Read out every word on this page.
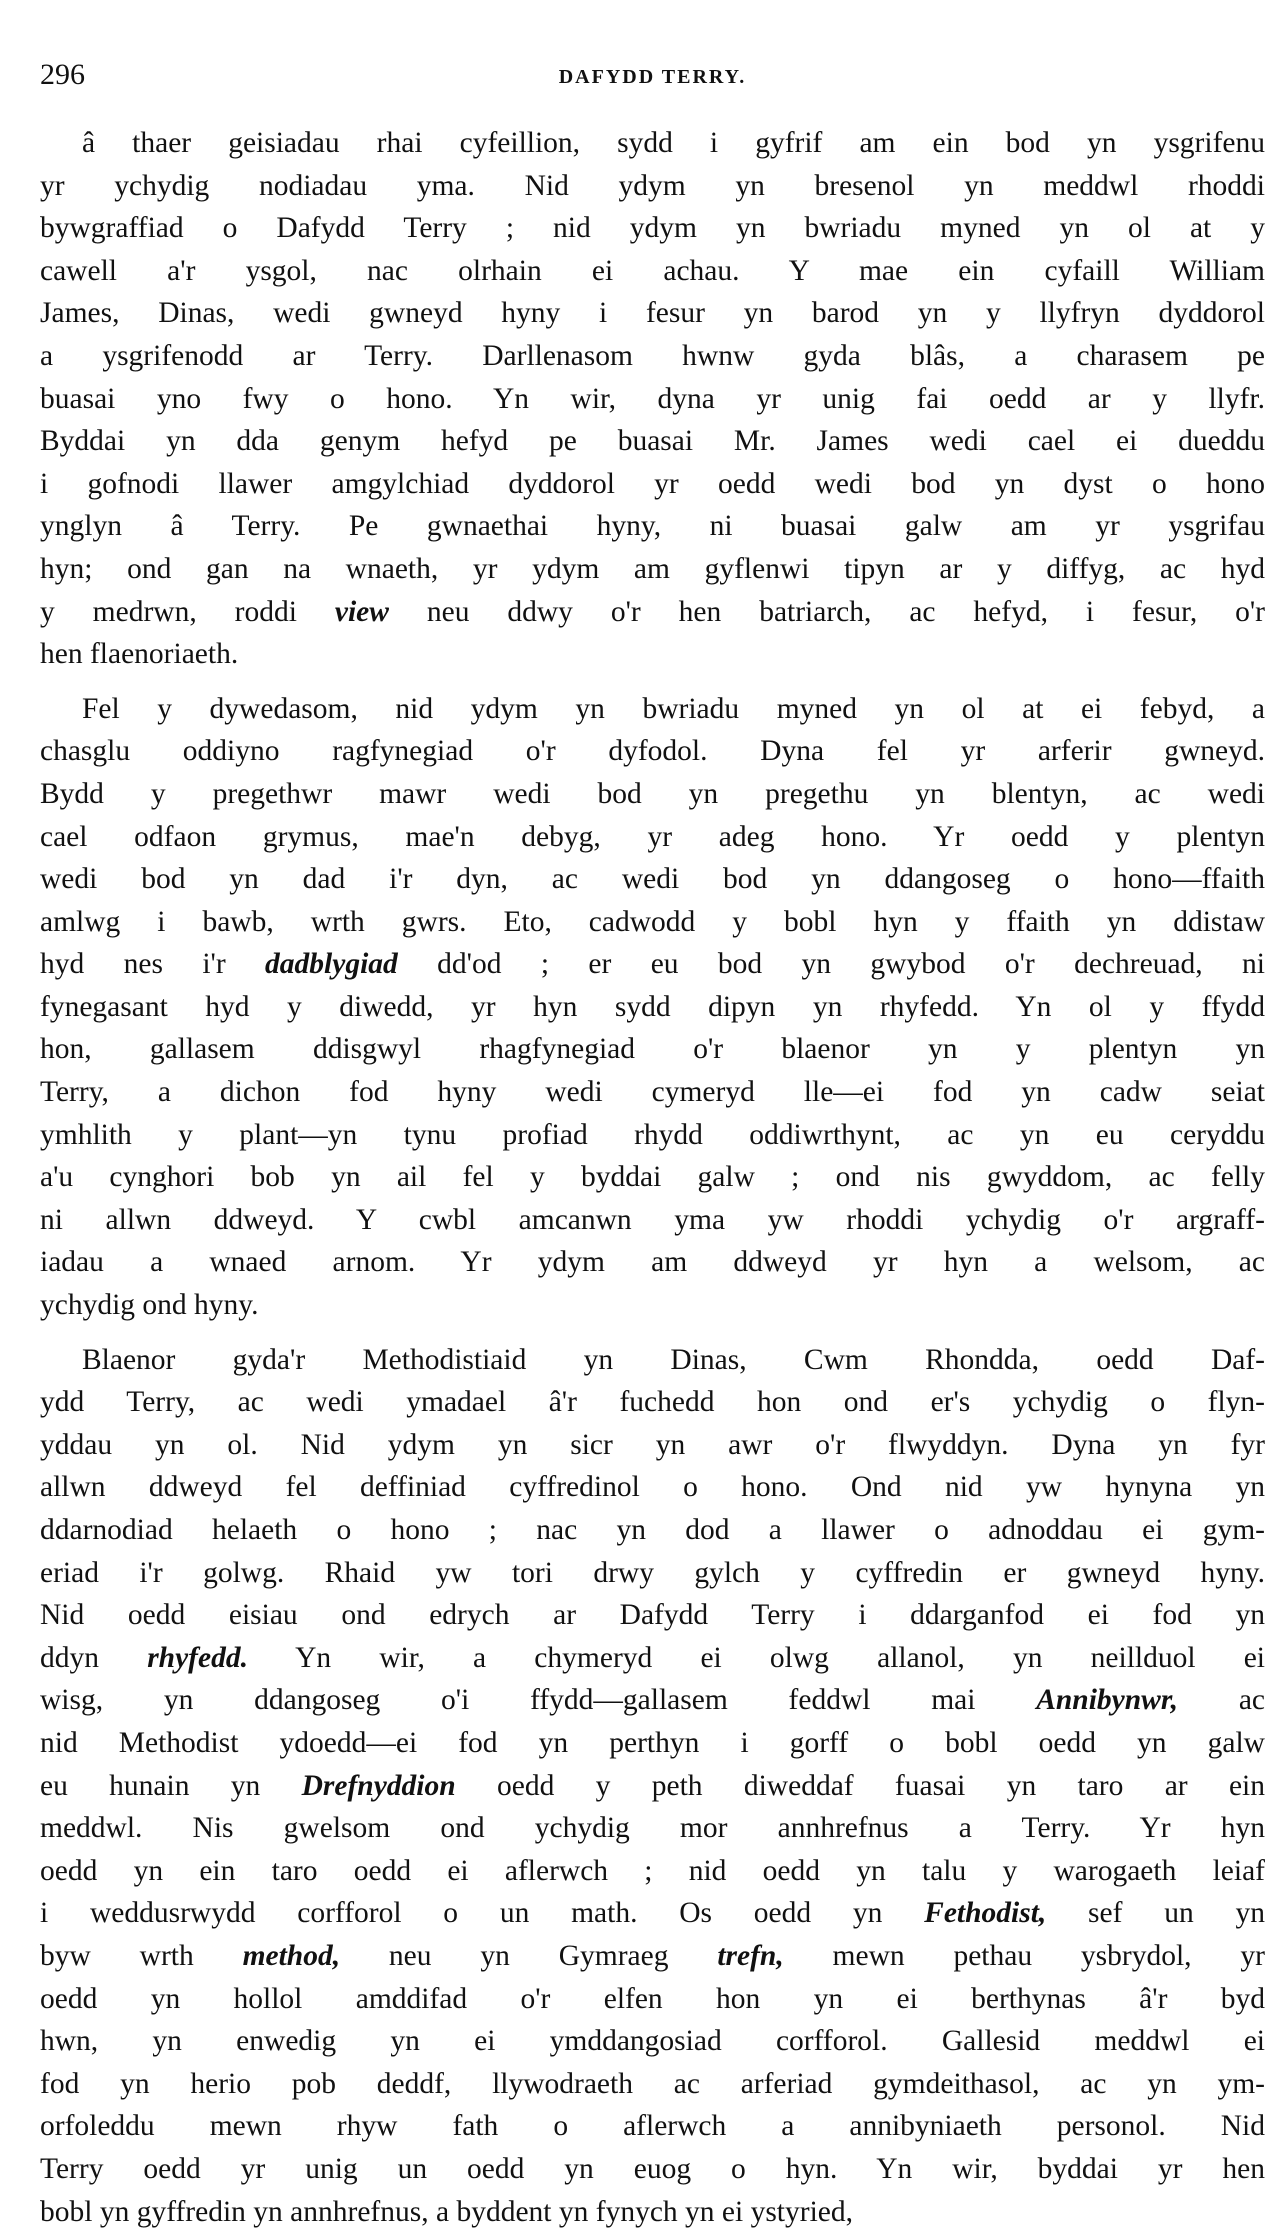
296	DAFYDD TERRY.
â thaer geisiadau rhai cyfeillion, sydd i gyfrif am ein bod yn ysgrifenu
yr ychydig nodiadau yma. Nid ydym yn bresenol yn meddwl rhoddi
bywgraffiad o Dafydd Terry ; nid ydym yn bwriadu myned yn ol at y
cawell a'r ysgol, nac olrhain ei achau. Y mae ein cyfaill William
James, Dinas, wedi gwneyd hyny i fesur yn barod yn y llyfryn dyddorol
a ysgrifenodd ar Terry. Darllenasom hwnw gyda blâs, a charasem pe
buasai yno fwy o hono. Yn wir, dyna yr unig fai oedd ar y llyfr.
Byddai yn dda genym hefyd pe buasai Mr. James wedi cael ei dueddu
i gofnodi llawer amgylchiad dyddorol yr oedd wedi bod yn dyst o hono
ynglyn â Terry. Pe gwnaethai hyny, ni buasai galw am yr ysgrifau
hyn; ond gan na wnaeth, yr ydym am gyflenwi tipyn ar y diffyg, ac hyd
y medrwn, roddi view neu ddwy o'r hen batriarch, ac hefyd, i fesur, o'r
hen flaenoriaeth.
Fel y dywedasom, nid ydym yn bwriadu myned yn ol at ei febyd, a
chasglu oddiyno ragfynegiad o'r dyfodol. Dyna fel yr arferir gwneyd.
Bydd y pregethwr mawr wedi bod yn pregethu yn blentyn, ac wedi
cael odfaon grymus, mae'n debyg, yr adeg hono. Yr oedd y plentyn
wedi bod yn dad i'r dyn, ac wedi bod yn ddangoseg o hono—ffaith
amlwg i bawb, wrth gwrs. Eto, cadwodd y bobl hyn y ffaith yn ddistaw
hyd nes i'r dadblygiad dd'od ; er eu bod yn gwybod o'r dechreuad, ni
fynegasant hyd y diwedd, yr hyn sydd dipyn yn rhyfedd. Yn ol y ffydd
hon, gallasem ddisgwyl rhagfynegiad o'r blaenor yn y plentyn yn
Terry, a dichon fod hyny wedi cymeryd lle—ei fod yn cadw seiat
ymhlith y plant—yn tynu profiad rhydd oddiwrthynt, ac yn eu ceryddu
a'u cynghori bob yn ail fel y byddai galw ; ond nis gwyddom, ac felly
ni allwn ddweyd. Y cwbl amcanwn yma yw rhoddi ychydig o'r argraff-
iadau a wnaed arnom. Yr ydym am ddweyd yr hyn a welsom, ac
ychydig ond hyny.
Blaenor gyda'r Methodistiaid yn Dinas, Cwm Rhondda, oedd Daf-
ydd Terry, ac wedi ymadael â'r fuchedd hon ond er's ychydig o flyn-
yddau yn ol. Nid ydym yn sicr yn awr o'r flwyddyn. Dyna yn fyr
allwn ddweyd fel deffiniad cyffredinol o hono. Ond nid yw hynyna yn
ddarnodiad helaeth o hono ; nac yn dod a llawer o adnoddau ei gym-
eriad i'r golwg. Rhaid yw tori drwy gylch y cyffredin er gwneyd hyny.
Nid oedd eisiau ond edrych ar Dafydd Terry i ddarganfod ei fod yn
ddyn rhyfedd. Yn wir, a chymeryd ei olwg allanol, yn neillduol ei
wisg, yn ddangoseg o'i ffydd—gallasem feddwl mai Annibynwr, ac
nid Methodist ydoedd—ei fod yn perthyn i gorff o bobl oedd yn galw
eu hunain yn Drefnyddion oedd y peth diweddaf fuasai yn taro ar ein
meddwl. Nis gwelsom ond ychydig mor annhrefnus a Terry. Yr hyn
oedd yn ein taro oedd ei aflerwch ; nid oedd yn talu y warogaeth leiaf
i weddusrwydd corfforol o un math. Os oedd yn Fethodist, sef un yn
byw wrth method, neu yn Gymraeg trefn, mewn pethau ysbrydol, yr
oedd yn hollol amddifad o'r elfen hon yn ei berthynas â'r byd
hwn, yn enwedig yn ei ymddangosiad corfforol. Gallesid meddwl ei
fod yn herio pob deddf, llywodraeth ac arferiad gymdeithasol, ac yn ym-
orfoleddu mewn rhyw fath o aflerwch a annibyniaeth personol. Nid
Terry oedd yr unig un oedd yn euog o hyn. Yn wir, byddai yr hen
bobl yn gyffredin yn annhrefnus, a byddent yn fynych yn ei ystyried,
